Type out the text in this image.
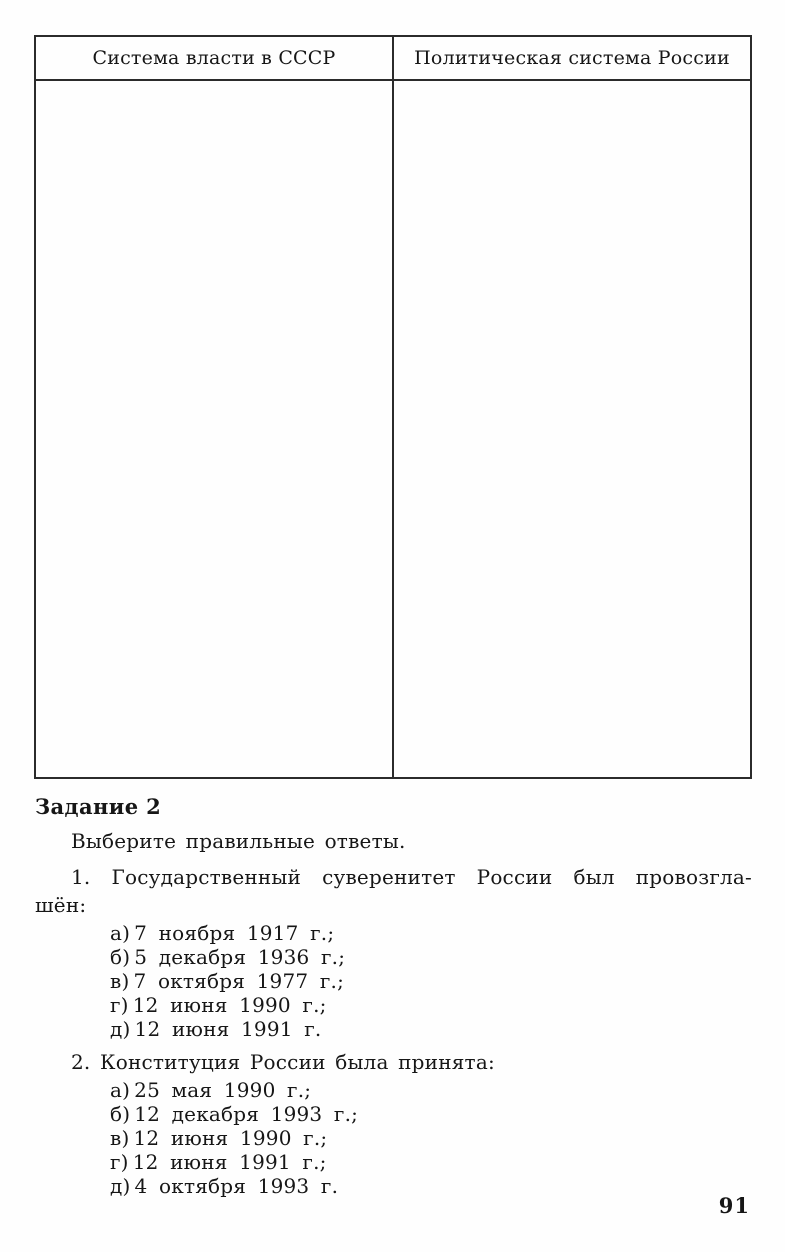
Система власти в СССР	Политическая система России

Задание 2

Выберите правильные ответы.

1. Государственный суверенитет России был провозгла-
шён:
а) 7 ноября 1917 г.;
б) 5 декабря 1936 г.;
в) 7 октября 1977 г.;
г) 12 июня 1990 г.;
д) 12 июня 1991 г.
2. Конституция России была принята:
а) 25 мая 1990 г.;
б) 12 декабря 1993 г.;
в) 12 июня 1990 г.;
г) 12 июня 1991 г.;
д) 4 октября 1993 г.
91
